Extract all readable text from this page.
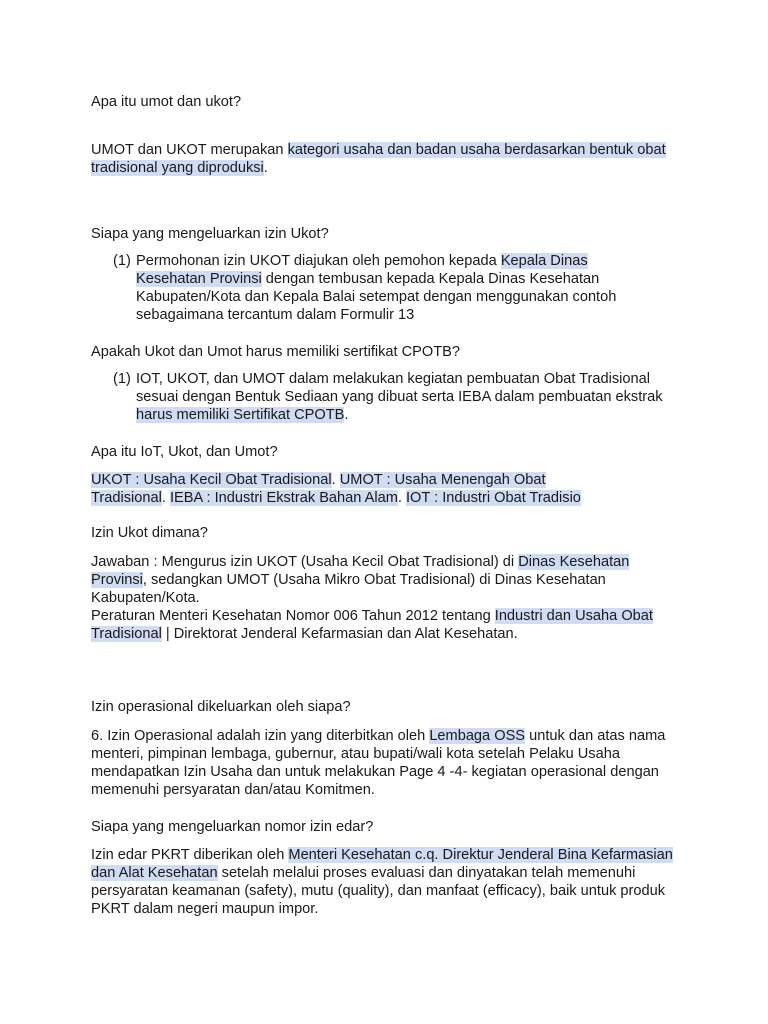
Apa itu umot dan ukot?

UMOT dan UKOT merupakan kategori usaha dan badan usaha berdasarkan bentuk obat tradisional yang diproduksi.

Siapa yang mengeluarkan izin Ukot?

(1) Permohonan izin UKOT diajukan oleh pemohon kepada Kepala Dinas Kesehatan Provinsi dengan tembusan kepada Kepala Dinas Kesehatan Kabupaten/Kota dan Kepala Balai setempat dengan menggunakan contoh sebagaimana tercantum dalam Formulir 13

Apakah Ukot dan Umot harus memiliki sertifikat CPOTB?

(1) IOT, UKOT, dan UMOT dalam melakukan kegiatan pembuatan Obat Tradisional sesuai dengan Bentuk Sediaan yang dibuat serta IEBA dalam pembuatan ekstrak harus memiliki Sertifikat CPOTB.

Apa itu IoT, Ukot, dan Umot?

UKOT : Usaha Kecil Obat Tradisional. UMOT : Usaha Menengah Obat Tradisional. IEBA : Industri Ekstrak Bahan Alam. IOT : Industri Obat Tradisio

Izin Ukot dimana?

Jawaban : Mengurus izin UKOT (Usaha Kecil Obat Tradisional) di Dinas Kesehatan Provinsi, sedangkan UMOT (Usaha Mikro Obat Tradisional) di Dinas Kesehatan Kabupaten/Kota.
Peraturan Menteri Kesehatan Nomor 006 Tahun 2012 tentang Industri dan Usaha Obat Tradisional | Direktorat Jenderal Kefarmasian dan Alat Kesehatan.

Izin operasional dikeluarkan oleh siapa?

6. Izin Operasional adalah izin yang diterbitkan oleh Lembaga OSS untuk dan atas nama menteri, pimpinan lembaga, gubernur, atau bupati/wali kota setelah Pelaku Usaha mendapatkan Izin Usaha dan untuk melakukan Page 4 -4- kegiatan operasional dengan memenuhi persyaratan dan/atau Komitmen.

Siapa yang mengeluarkan nomor izin edar?

Izin edar PKRT diberikan oleh Menteri Kesehatan c.q. Direktur Jenderal Bina Kefarmasian dan Alat Kesehatan setelah melalui proses evaluasi dan dinyatakan telah memenuhi persyaratan keamanan (safety), mutu (quality), dan manfaat (efficacy), baik untuk produk PKRT dalam negeri maupun impor.
